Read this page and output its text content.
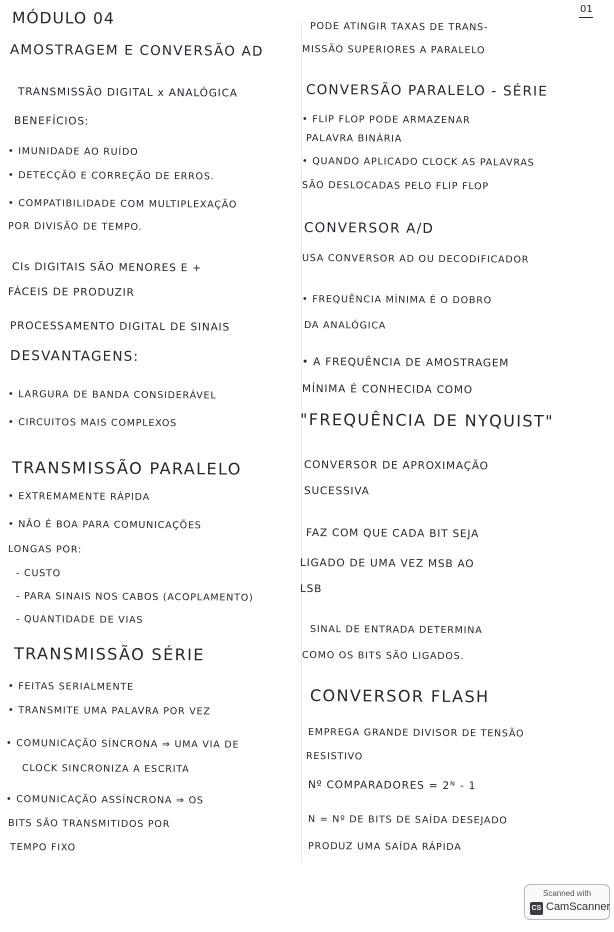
01
MÓDULO 04
AMOSTRAGEM E CONVERSÃO AD
TRANSMISSÃO DIGITAL x ANALÓGICA
BENEFÍCIOS:
• IMUNIDADE AO RUÍDO
• DETECÇÃO E CORREÇÃO DE ERROS.
• COMPATIBILIDADE COM MULTIPLEXAÇÃO
POR DIVISÃO DE TEMPO.
CIs DIGITAIS SÃO MENORES E +
FÁCEIS DE PRODUZIR
PROCESSAMENTO DIGITAL DE SINAIS
DESVANTAGENS:
• LARGURA DE BANDA CONSIDERÁVEL
• CIRCUITOS MAIS COMPLEXOS
TRANSMISSÃO PARALELO
• EXTREMAMENTE RÁPIDA
• NÃO É BOA PARA COMUNICAÇÕES
LONGAS POR:
- CUSTO
- PARA SINAIS NOS CABOS (ACOPLAMENTO)
- QUANTIDADE DE VIAS
TRANSMISSÃO SÉRIE
• FEITAS SERIALMENTE
• TRANSMITE UMA PALAVRA POR VEZ
• COMUNICAÇÃO SÍNCRONA ⇒ UMA VIA DE
CLOCK SINCRONIZA A ESCRITA
• COMUNICAÇÃO ASSÍNCRONA ⇒ OS
BITS SÃO TRANSMITIDOS POR
TEMPO FIXO
PODE ATINGIR TAXAS DE TRANS-
MISSÃO SUPERIORES A PARALELO
CONVERSÃO PARALELO - SÉRIE
• FLIP FLOP PODE ARMAZENAR
PALAVRA BINÁRIA
• QUANDO APLICADO CLOCK AS PALAVRAS
SÃO DESLOCADAS PELO FLIP FLOP
CONVERSOR A/D
USA CONVERSOR AD OU DECODIFICADOR
• FREQUÊNCIA MÍNIMA É O DOBRO
DA ANALÓGICA
• A FREQUÊNCIA DE AMOSTRAGEM
MÍNIMA É CONHECIDA COMO
"FREQUÊNCIA DE NYQUIST"
CONVERSOR DE APROXIMAÇÃO
SUCESSIVA
FAZ COM QUE CADA BIT SEJA
LIGADO DE UMA VEZ MSB AO
LSB
SINAL DE ENTRADA DETERMINA
COMO OS BITS SÃO LIGADOS.
CONVERSOR FLASH
EMPREGA GRANDE DIVISOR DE TENSÃO
RESISTIVO
Nº COMPARADORES = 2ᴺ - 1
N = Nº DE BITS DE SAÍDA DESEJADO
PRODUZ UMA SAÍDA RÁPIDA
Scanned with
CS CamScanner
